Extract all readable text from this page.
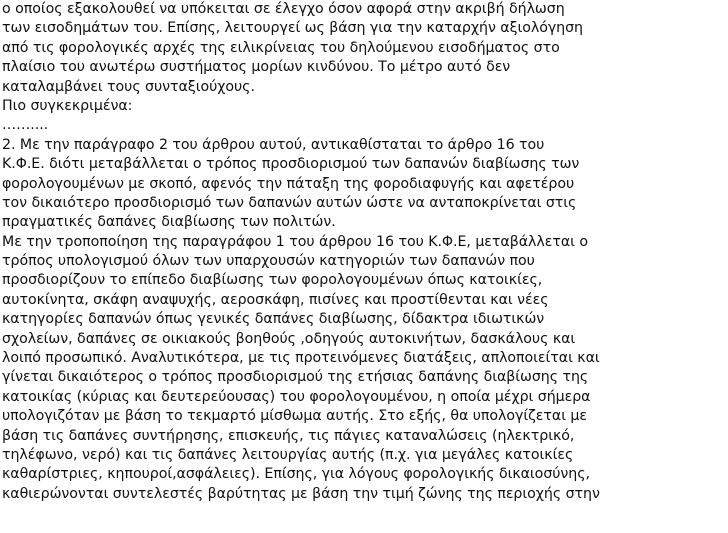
ο οποίος εξακολουθεί να υπόκειται σε έλεγχο όσον αφορά στην ακριβή δήλωση
των εισοδημάτων του. Επίσης, λειτουργεί ως βάση για την καταρχήν αξιολόγηση
από τις φορολογικές αρχές της ειλικρίνειας του δηλούμενου εισοδήματος στο
πλαίσιο του ανωτέρω συστήματος μορίων κινδύνου. Το μέτρο αυτό δεν
καταλαμβάνει τους συνταξιούχους.
Πιο συγκεκριμένα:
……....
2. Με την παράγραφο 2 του άρθρου αυτού, αντικαθίσταται το άρθρο 16 του
Κ.Φ.Ε. διότι μεταβάλλεται ο τρόπος προσδιορισμού των δαπανών διαβίωσης των
φορολογουμένων με σκοπό, αφενός την πάταξη της φοροδιαφυγής και αφετέρου
τον δικαιότερο προσδιορισμό των δαπανών αυτών ώστε να ανταποκρίνεται στις
πραγματικές δαπάνες διαβίωσης των πολιτών.
Με την τροποποίηση της παραγράφου 1 του άρθρου 16 του Κ.Φ.Ε, μεταβάλλεται ο
τρόπος υπολογισμού όλων των υπαρχουσών κατηγοριών των δαπανών που
προσδιορίζουν το επίπεδο διαβίωσης των φορολογουμένων όπως κατοικίες,
αυτοκίνητα, σκάφη αναψυχής, αεροσκάφη, πισίνες και προστίθενται και νέες
κατηγορίες δαπανών όπως γενικές δαπάνες διαβίωσης, δίδακτρα ιδιωτικών
σχολείων, δαπάνες σε οικιακούς βοηθούς ,οδηγούς αυτοκινήτων, δασκάλους και
λοιπό προσωπικό. Αναλυτικότερα, με τις προτεινόμενες διατάξεις, απλοποιείται και
γίνεται δικαιότερος ο τρόπος προσδιορισμού της ετήσιας δαπάνης διαβίωσης της
κατοικίας (κύριας και δευτερεύουσας) του φορολογουμένου, η οποία μέχρι σήμερα
υπολογιζόταν με βάση το τεκμαρτό μίσθωμα αυτής. Στο εξής, θα υπολογίζεται με
βάση τις δαπάνες συντήρησης, επισκευής, τις πάγιες καταναλώσεις (ηλεκτρικό,
τηλέφωνο, νερό) και τις δαπάνες λειτουργίας αυτής (π.χ. για μεγάλες κατοικίες
καθαρίστριες, κηπουροί,ασφάλειες). Επίσης, για λόγους φορολογικής δικαιοσύνης,
καθιερώνονται συντελεστές βαρύτητας με βάση την τιμή ζώνης της περιοχής στην
